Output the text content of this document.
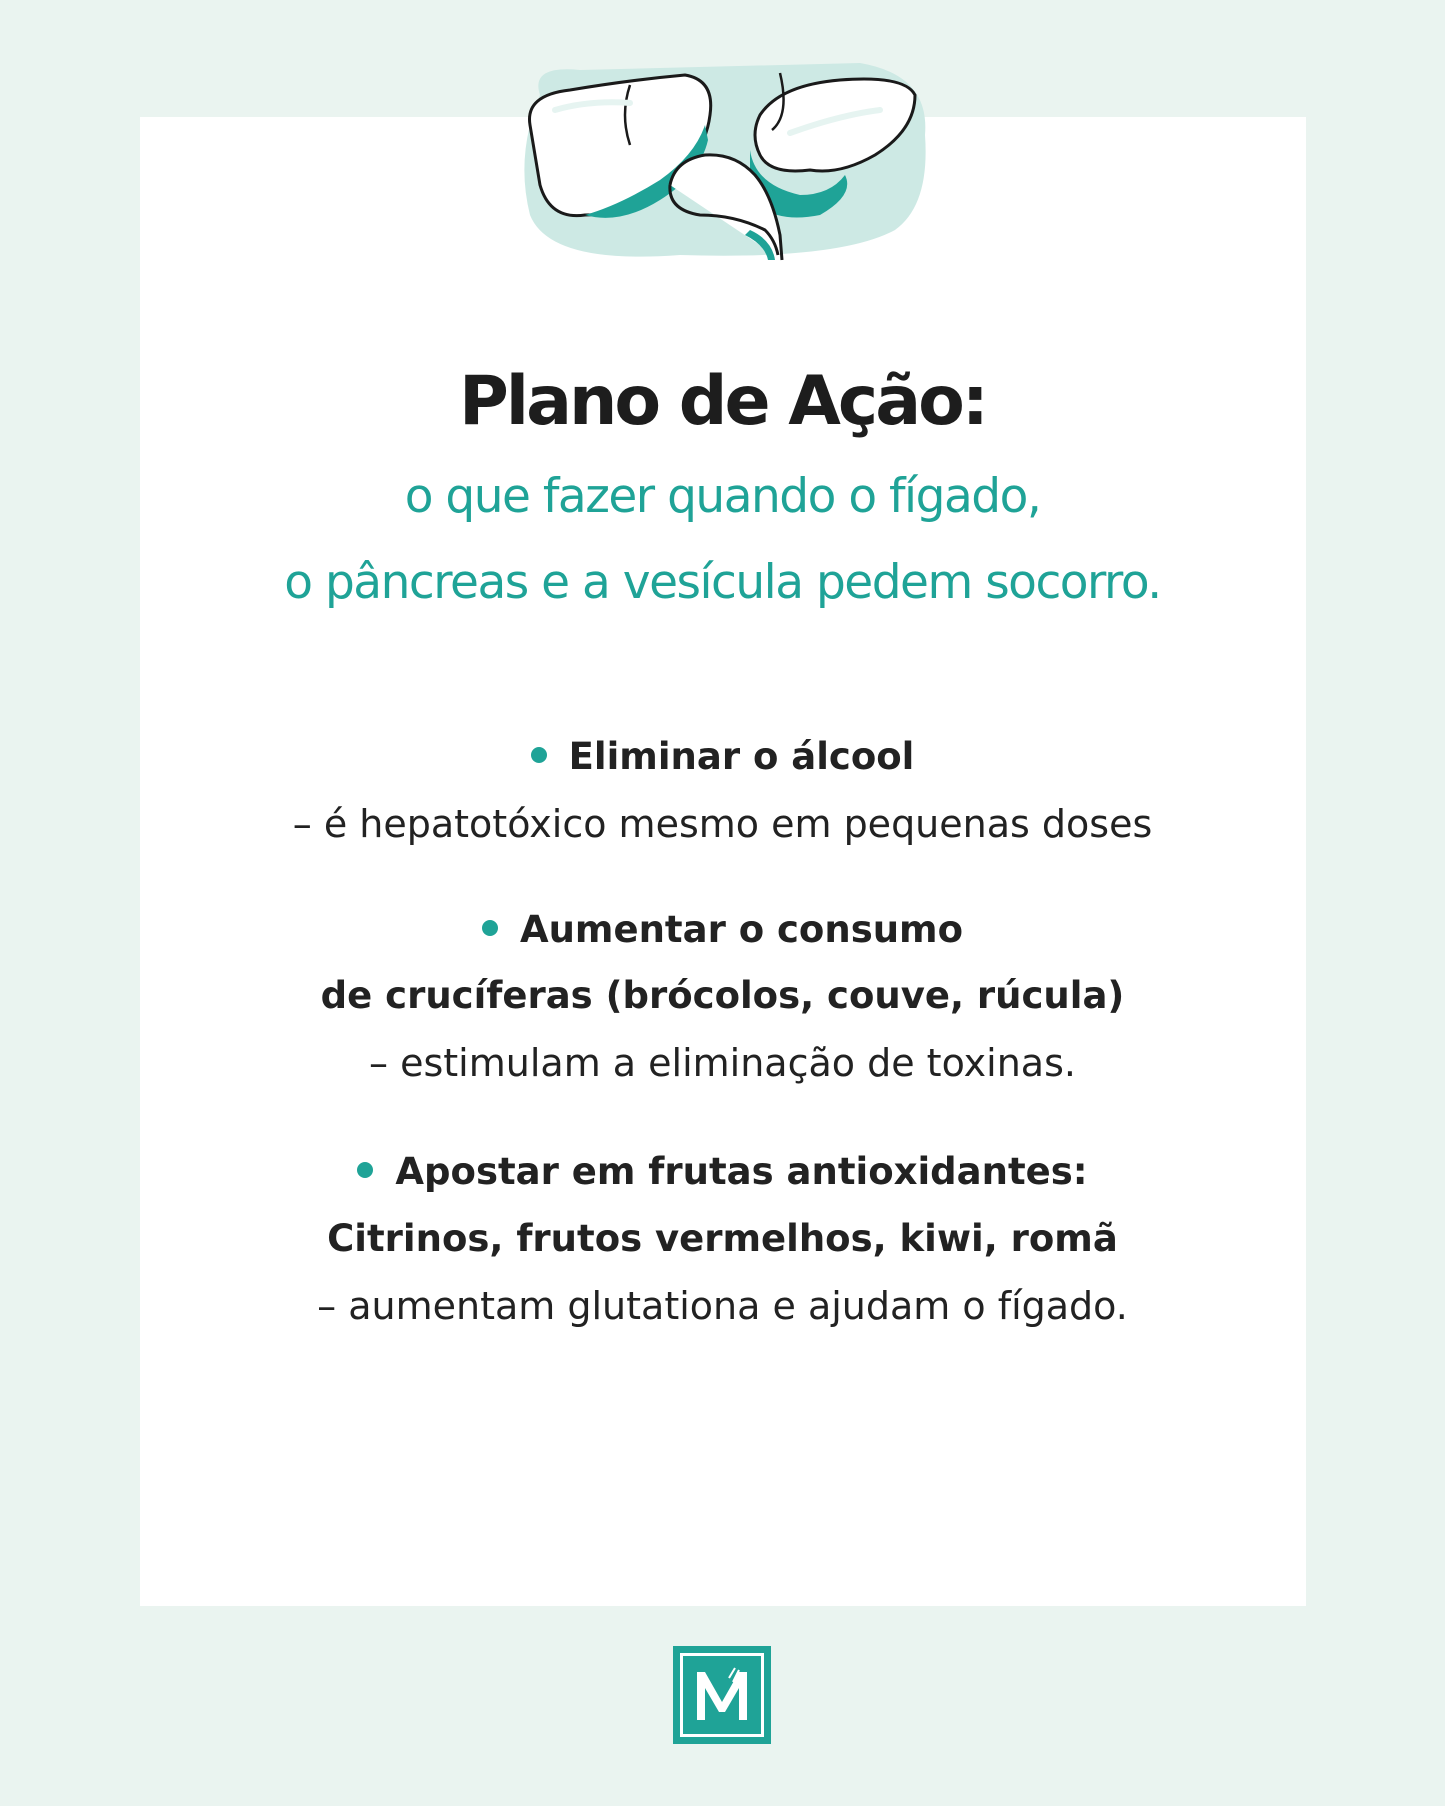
Plano de Ação:
o que fazer quando o fígado,
o pâncreas e a vesícula pedem socorro.
Eliminar o álcool
– é hepatotóxico mesmo em pequenas doses
Aumentar o consumo
de crucíferas (brócolos, couve, rúcula)
– estimulam a eliminação de toxinas.
Apostar em frutas antioxidantes:
Citrinos, frutos vermelhos, kiwi, romã
– aumentam glutationa e ajudam o fígado.
